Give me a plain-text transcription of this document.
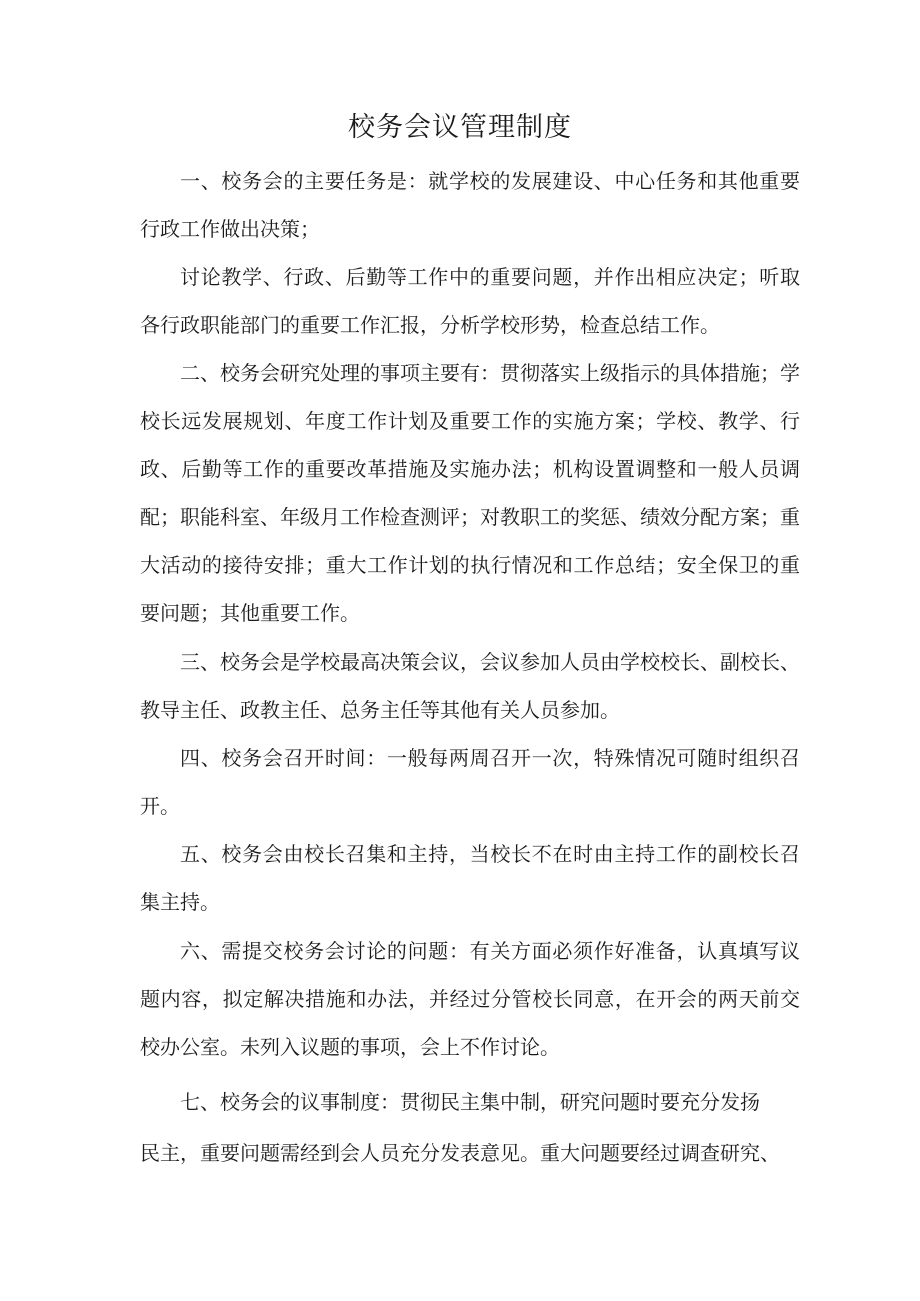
校务会议管理制度
一、校务会的主要任务是：就学校的发展建设、中心任务和其他重要
行政工作做出决策；
讨论教学、行政、后勤等工作中的重要问题，并作出相应决定；听取
各行政职能部门的重要工作汇报，分析学校形势，检查总结工作。
二、校务会研究处理的事项主要有：贯彻落实上级指示的具体措施；学
校长远发展规划、年度工作计划及重要工作的实施方案；学校、教学、行
政、后勤等工作的重要改革措施及实施办法；机构设置调整和一般人员调
配；职能科室、年级月工作检查测评；对教职工的奖惩、绩效分配方案；重
大活动的接待安排；重大工作计划的执行情况和工作总结；安全保卫的重
要问题；其他重要工作。
三、校务会是学校最高决策会议，会议参加人员由学校校长、副校长、
教导主任、政教主任、总务主任等其他有关人员参加。
四、校务会召开时间：一般每两周召开一次，特殊情况可随时组织召
开。
五、校务会由校长召集和主持，当校长不在时由主持工作的副校长召
集主持。
六、需提交校务会讨论的问题：有关方面必须作好准备，认真填写议
题内容，拟定解决措施和办法，并经过分管校长同意，在开会的两天前交
校办公室。未列入议题的事项，会上不作讨论。
七、校务会的议事制度：贯彻民主集中制，研究问题时要充分发扬
民主，重要问题需经到会人员充分发表意见。重大问题要经过调查研究、
